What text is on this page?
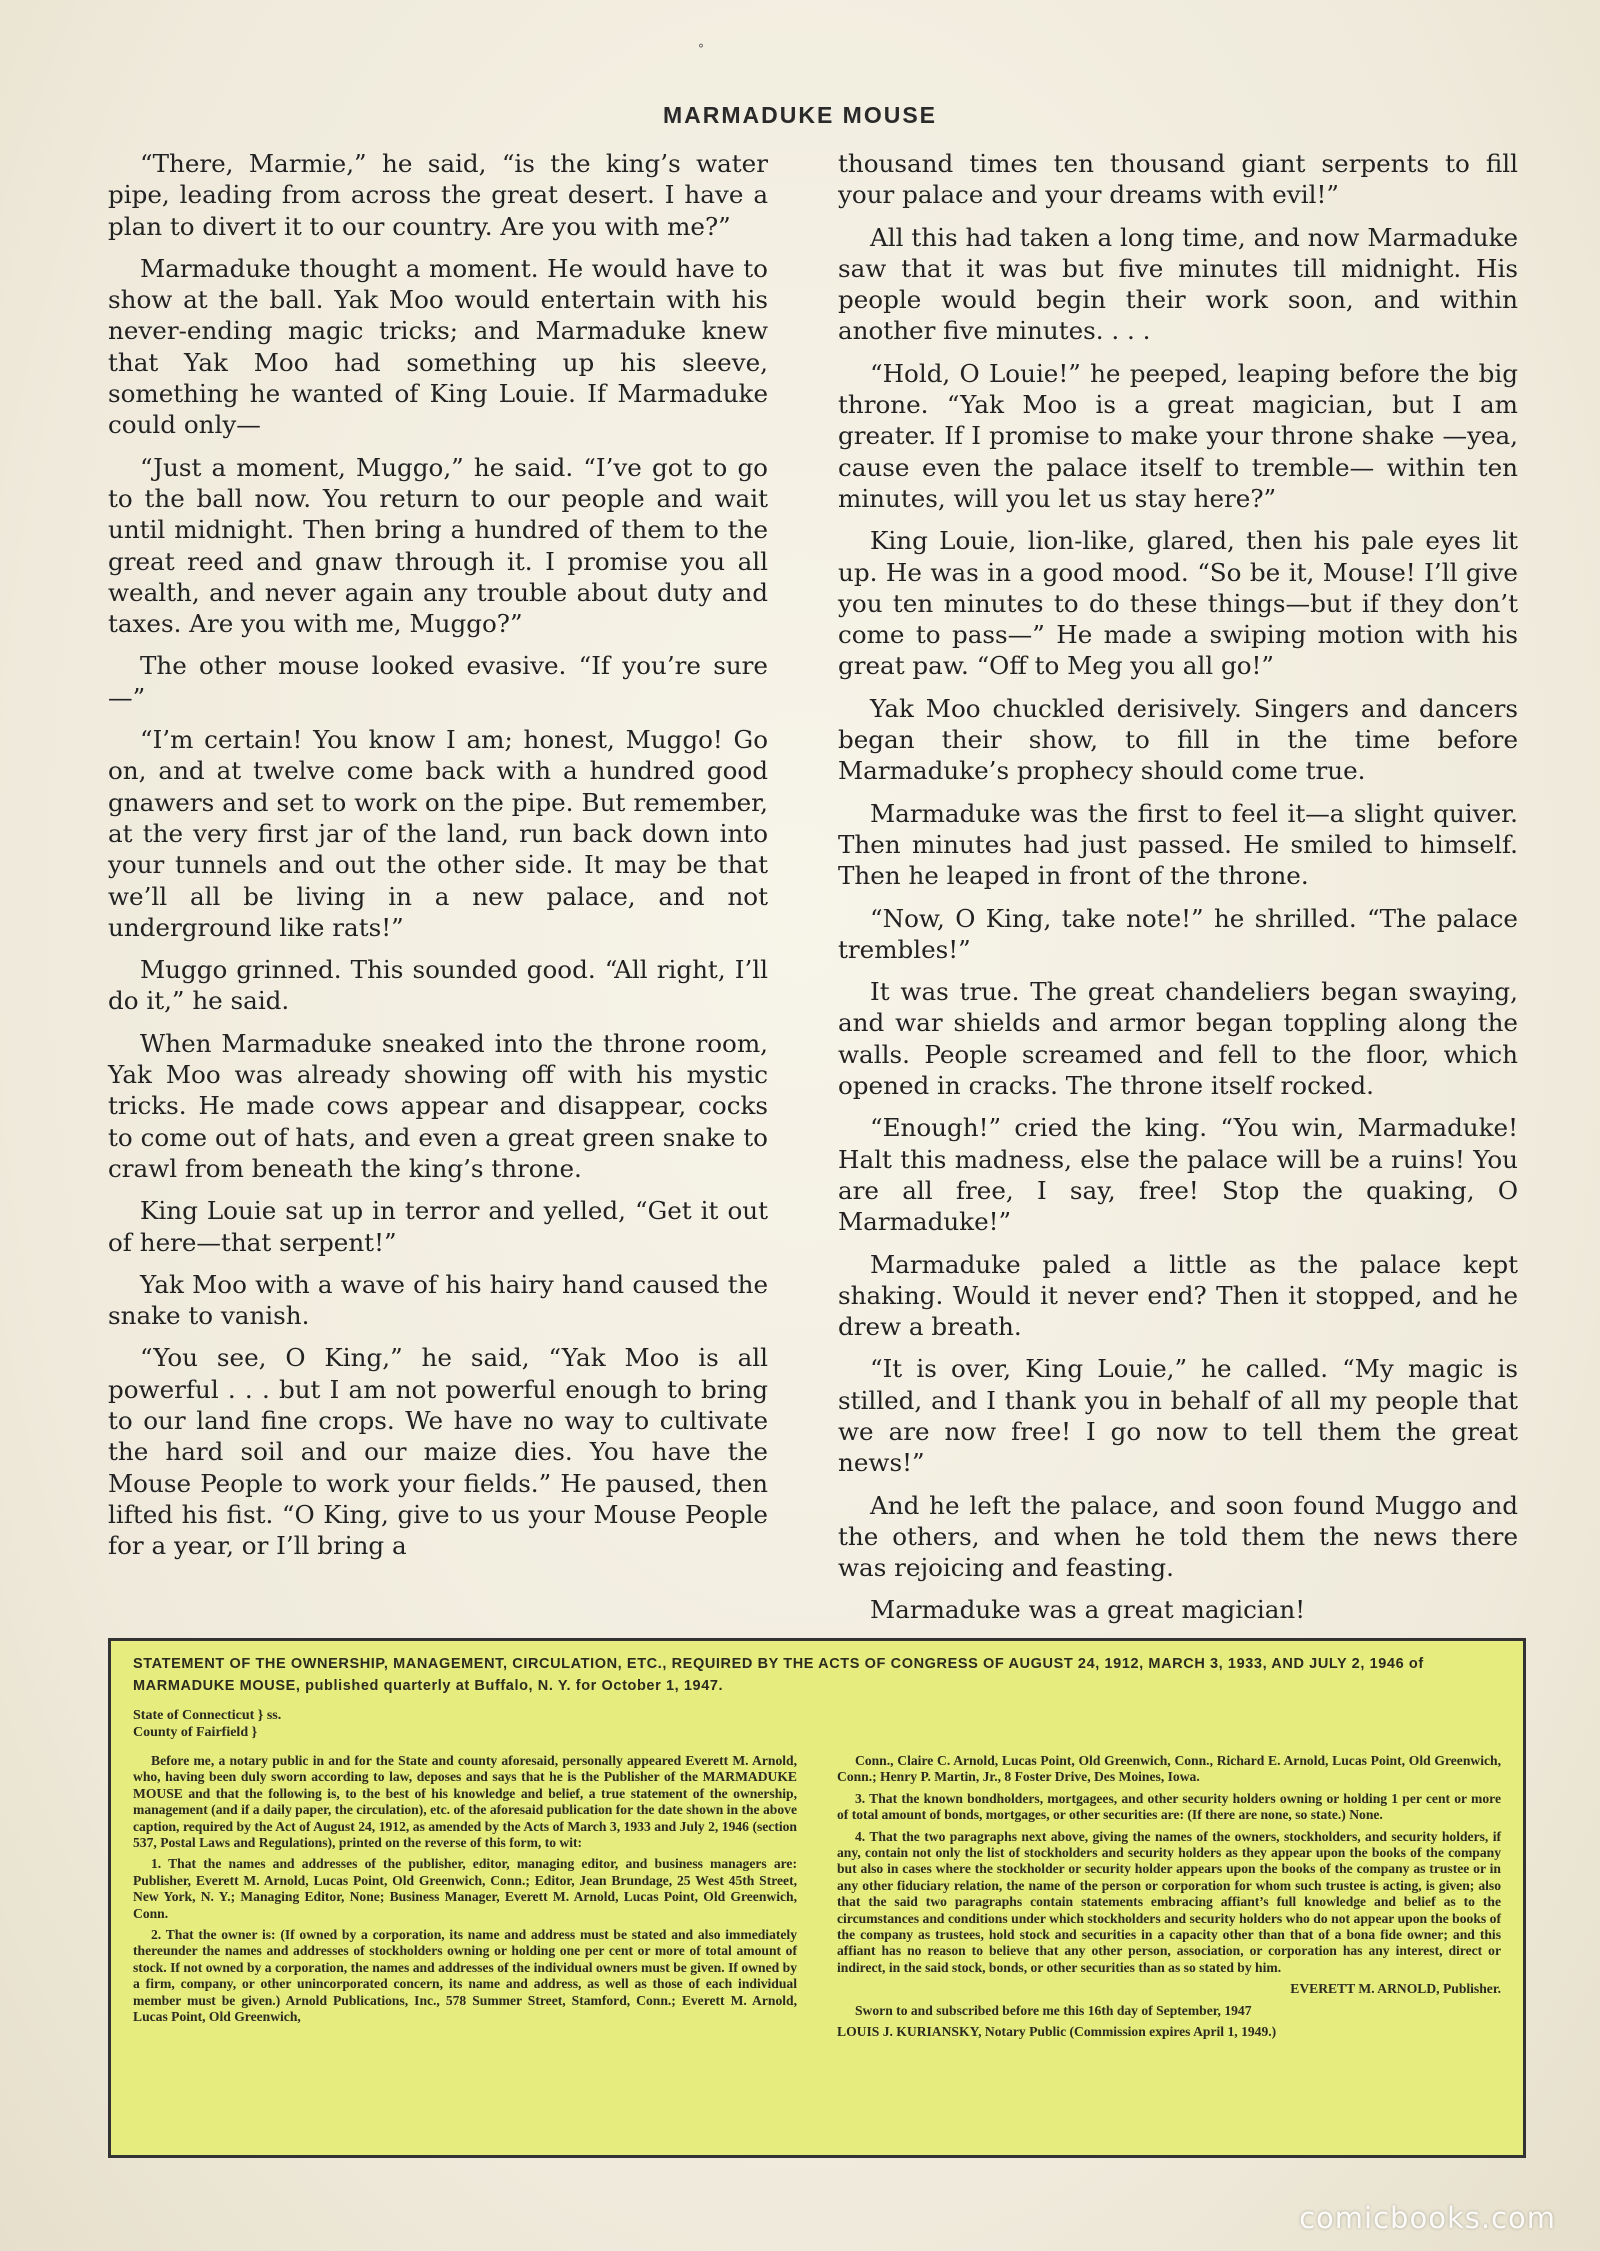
°
MARMADUKE MOUSE

“There, Marmie,” he said, “is the king’s water pipe, leading from across the great desert. I have a plan to divert it to our country. Are you with me?”

Marmaduke thought a moment. He would have to show at the ball. Yak Moo would entertain with his never-ending magic tricks; and Marmaduke knew that Yak Moo had something up his sleeve, something he wanted of King Louie. If Marmaduke could only—

“Just a moment, Muggo,” he said. “I’ve got to go to the ball now. You return to our people and wait until midnight. Then bring a hundred of them to the great reed and gnaw through it. I promise you all wealth, and never again any trouble about duty and taxes. Are you with me, Muggo?”

The other mouse looked evasive. “If you’re sure—”

“I’m certain! You know I am; honest, Muggo! Go on, and at twelve come back with a hundred good gnawers and set to work on the pipe. But remember, at the very first jar of the land, run back down into your tunnels and out the other side. It may be that we’ll all be living in a new palace, and not underground like rats!”

Muggo grinned. This sounded good. “All right, I’ll do it,” he said.

When Marmaduke sneaked into the throne room, Yak Moo was already showing off with his mystic tricks. He made cows appear and disappear, cocks to come out of hats, and even a great green snake to crawl from beneath the king’s throne.

King Louie sat up in terror and yelled, “Get it out of here—that serpent!”

Yak Moo with a wave of his hairy hand caused the snake to vanish.

“You see, O King,” he said, “Yak Moo is all powerful . . . but I am not powerful enough to bring to our land fine crops. We have no way to cultivate the hard soil and our maize dies. You have the Mouse People to work your fields.” He paused, then lifted his fist. “O King, give to us your Mouse People for a year, or I’ll bring a

thousand times ten thousand giant serpents to fill your palace and your dreams with evil!”

All this had taken a long time, and now Marmaduke saw that it was but five minutes till midnight. His people would begin their work soon, and within another five minutes. . . .

“Hold, O Louie!” he peeped, leaping before the big throne. “Yak Moo is a great magician, but I am greater. If I promise to make your throne shake —yea, cause even the palace itself to tremble— within ten minutes, will you let us stay here?”

King Louie, lion-like, glared, then his pale eyes lit up. He was in a good mood. “So be it, Mouse! I’ll give you ten minutes to do these things—but if they don’t come to pass—” He made a swiping motion with his great paw. “Off to Meg you all go!”

Yak Moo chuckled derisively. Singers and dancers began their show, to fill in the time before Marmaduke’s prophecy should come true.

Marmaduke was the first to feel it—a slight quiver. Then minutes had just passed. He smiled to himself. Then he leaped in front of the throne.

“Now, O King, take note!” he shrilled. “The palace trembles!”

It was true. The great chandeliers began swaying, and war shields and armor began toppling along the walls. People screamed and fell to the floor, which opened in cracks. The throne itself rocked.

“Enough!” cried the king. “You win, Marmaduke! Halt this madness, else the palace will be a ruins! You are all free, I say, free! Stop the quaking, O Marmaduke!”

Marmaduke paled a little as the palace kept shaking. Would it never end? Then it stopped, and he drew a breath.

“It is over, King Louie,” he called. “My magic is stilled, and I thank you in behalf of all my people that we are now free! I go now to tell them the great news!”

And he left the palace, and soon found Muggo and the others, and when he told them the news there was rejoicing and feasting.

Marmaduke was a great magician!

STATEMENT OF THE OWNERSHIP, MANAGEMENT, CIRCULATION, ETC., REQUIRED BY THE ACTS OF CONGRESS OF AUGUST 24, 1912, MARCH 3, 1933, AND JULY 2, 1946 of MARMADUKE MOUSE, published quarterly at Buffalo, N. Y. for October 1, 1947.
State of Connecticut } ss.
County of Fairfield }

Before me, a notary public in and for the State and county aforesaid, personally appeared Everett M. Arnold, who, having been duly sworn according to law, deposes and says that he is the Publisher of the MARMADUKE MOUSE and that the following is, to the best of his knowledge and belief, a true statement of the ownership, management (and if a daily paper, the circulation), etc. of the aforesaid publication for the date shown in the above caption, required by the Act of August 24, 1912, as amended by the Acts of March 3, 1933 and July 2, 1946 (section 537, Postal Laws and Regulations), printed on the reverse of this form, to wit:

1. That the names and addresses of the publisher, editor, managing editor, and business managers are: Publisher, Everett M. Arnold, Lucas Point, Old Greenwich, Conn.; Editor, Jean Brundage, 25 West 45th Street, New York, N. Y.; Managing Editor, None; Business Manager, Everett M. Arnold, Lucas Point, Old Greenwich, Conn.

2. That the owner is: (If owned by a corporation, its name and address must be stated and also immediately thereunder the names and addresses of stockholders owning or holding one per cent or more of total amount of stock. If not owned by a corporation, the names and addresses of the individual owners must be given. If owned by a firm, company, or other unincorporated concern, its name and address, as well as those of each individual member must be given.) Arnold Publications, Inc., 578 Summer Street, Stamford, Conn.; Everett M. Arnold, Lucas Point, Old Greenwich,

Conn., Claire C. Arnold, Lucas Point, Old Greenwich, Conn., Richard E. Arnold, Lucas Point, Old Greenwich, Conn.; Henry P. Martin, Jr., 8 Foster Drive, Des Moines, Iowa.

3. That the known bondholders, mortgagees, and other security holders owning or holding 1 per cent or more of total amount of bonds, mortgages, or other securities are: (If there are none, so state.) None.

4. That the two paragraphs next above, giving the names of the owners, stockholders, and security holders, if any, contain not only the list of stockholders and security holders as they appear upon the books of the company but also in cases where the stockholder or security holder appears upon the books of the company as trustee or in any other fiduciary relation, the name of the person or corporation for whom such trustee is acting, is given; also that the said two paragraphs contain statements embracing affiant’s full knowledge and belief as to the circumstances and conditions under which stockholders and security holders who do not appear upon the books of the company as trustees, hold stock and securities in a capacity other than that of a bona fide owner; and this affiant has no reason to believe that any other person, association, or corporation has any interest, direct or indirect, in the said stock, bonds, or other securities than as so stated by him.

EVERETT M. ARNOLD, Publisher.

Sworn to and subscribed before me this 16th day of September, 1947

LOUIS J. KURIANSKY, Notary Public (Commission expires April 1, 1949.)

comicbooks.com
